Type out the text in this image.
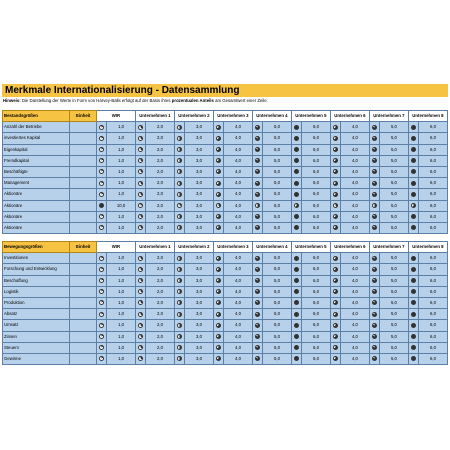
Merkmale Internationalisierung - Datensammlung
Hinweis: Die Darstellung der Werte in Form von Harvey-Balls erfolgt auf der Basis ihres prozentualen Anteils am Gesamtwert einer Zeile.
Bestandsgrößen	Einheit	WIR		Unternehmen 1		Unternehmen 2		Unternehmen 3		Unternehmen 4		Unternehmen 5		Unternehmen 6		Unternehmen 7		Unternehmen 8	
Anzahl der Betriebe			1,0		2,0		3,0		4,0		5,0		6,0		4,0		5,0		6,0
investiertes Kapital			1,0		2,0		3,0		4,0		5,0		6,0		4,0		5,0		6,0
Eigenkapital			1,0		2,0		3,0		4,0		5,0		6,0		4,0		5,0		6,0
Fremdkapital			1,0		2,0		3,0		4,0		5,0		6,0		4,0		5,0		6,0
Beschäftigte			1,0		2,0		3,0		4,0		5,0		6,0		4,0		5,0		6,0
Management			1,0		2,0		3,0		4,0		5,0		6,0		4,0		5,0		6,0
Aktionäre			1,0		2,0		3,0		4,0		5,0		6,0		4,0		5,0		6,0
Aktionäre			10,0		2,0		3,0		4,0		5,0		6,0		4,0		5,0		6,0
Aktionäre			1,0		2,0		3,0		4,0		5,0		6,0		4,0		5,0		6,0
Aktionäre			1,0		2,0		3,0		4,0		5,0		6,0		4,0		5,0		6,0
Bewegungsgrößen	Einheit	WIR		Unternehmen 1		Unternehmen 2		Unternehmen 3		Unternehmen 4		Unternehmen 5		Unternehmen 6		Unternehmen 7		Unternehmen 8	
Investitionen			1,0		2,0		3,0		4,0		5,0		6,0		4,0		5,0		6,0
Forschung und Entwicklung			1,0		2,0		3,0		4,0		5,0		6,0		4,0		5,0		6,0
Beschaffung			1,0		2,0		3,0		4,0		5,0		6,0		4,0		5,0		6,0
Logistik			1,0		2,0		3,0		4,0		5,0		6,0		4,0		5,0		6,0
Produktion			1,0		2,0		3,0		4,0		5,0		6,0		4,0		5,0		6,0
Absatz			1,0		2,0		3,0		4,0		5,0		6,0		4,0		5,0		6,0
Umsatz			1,0		2,0		3,0		4,0		5,0		6,0		4,0		5,0		6,0
Zinsen			1,0		2,0		3,0		4,0		5,0		6,0		4,0		5,0		6,0
Steuern			1,0		2,0		3,0		4,0		5,0		6,0		4,0		5,0		6,0
Gewinne			1,0		2,0		3,0		4,0		5,0		6,0		4,0		5,0		6,0
